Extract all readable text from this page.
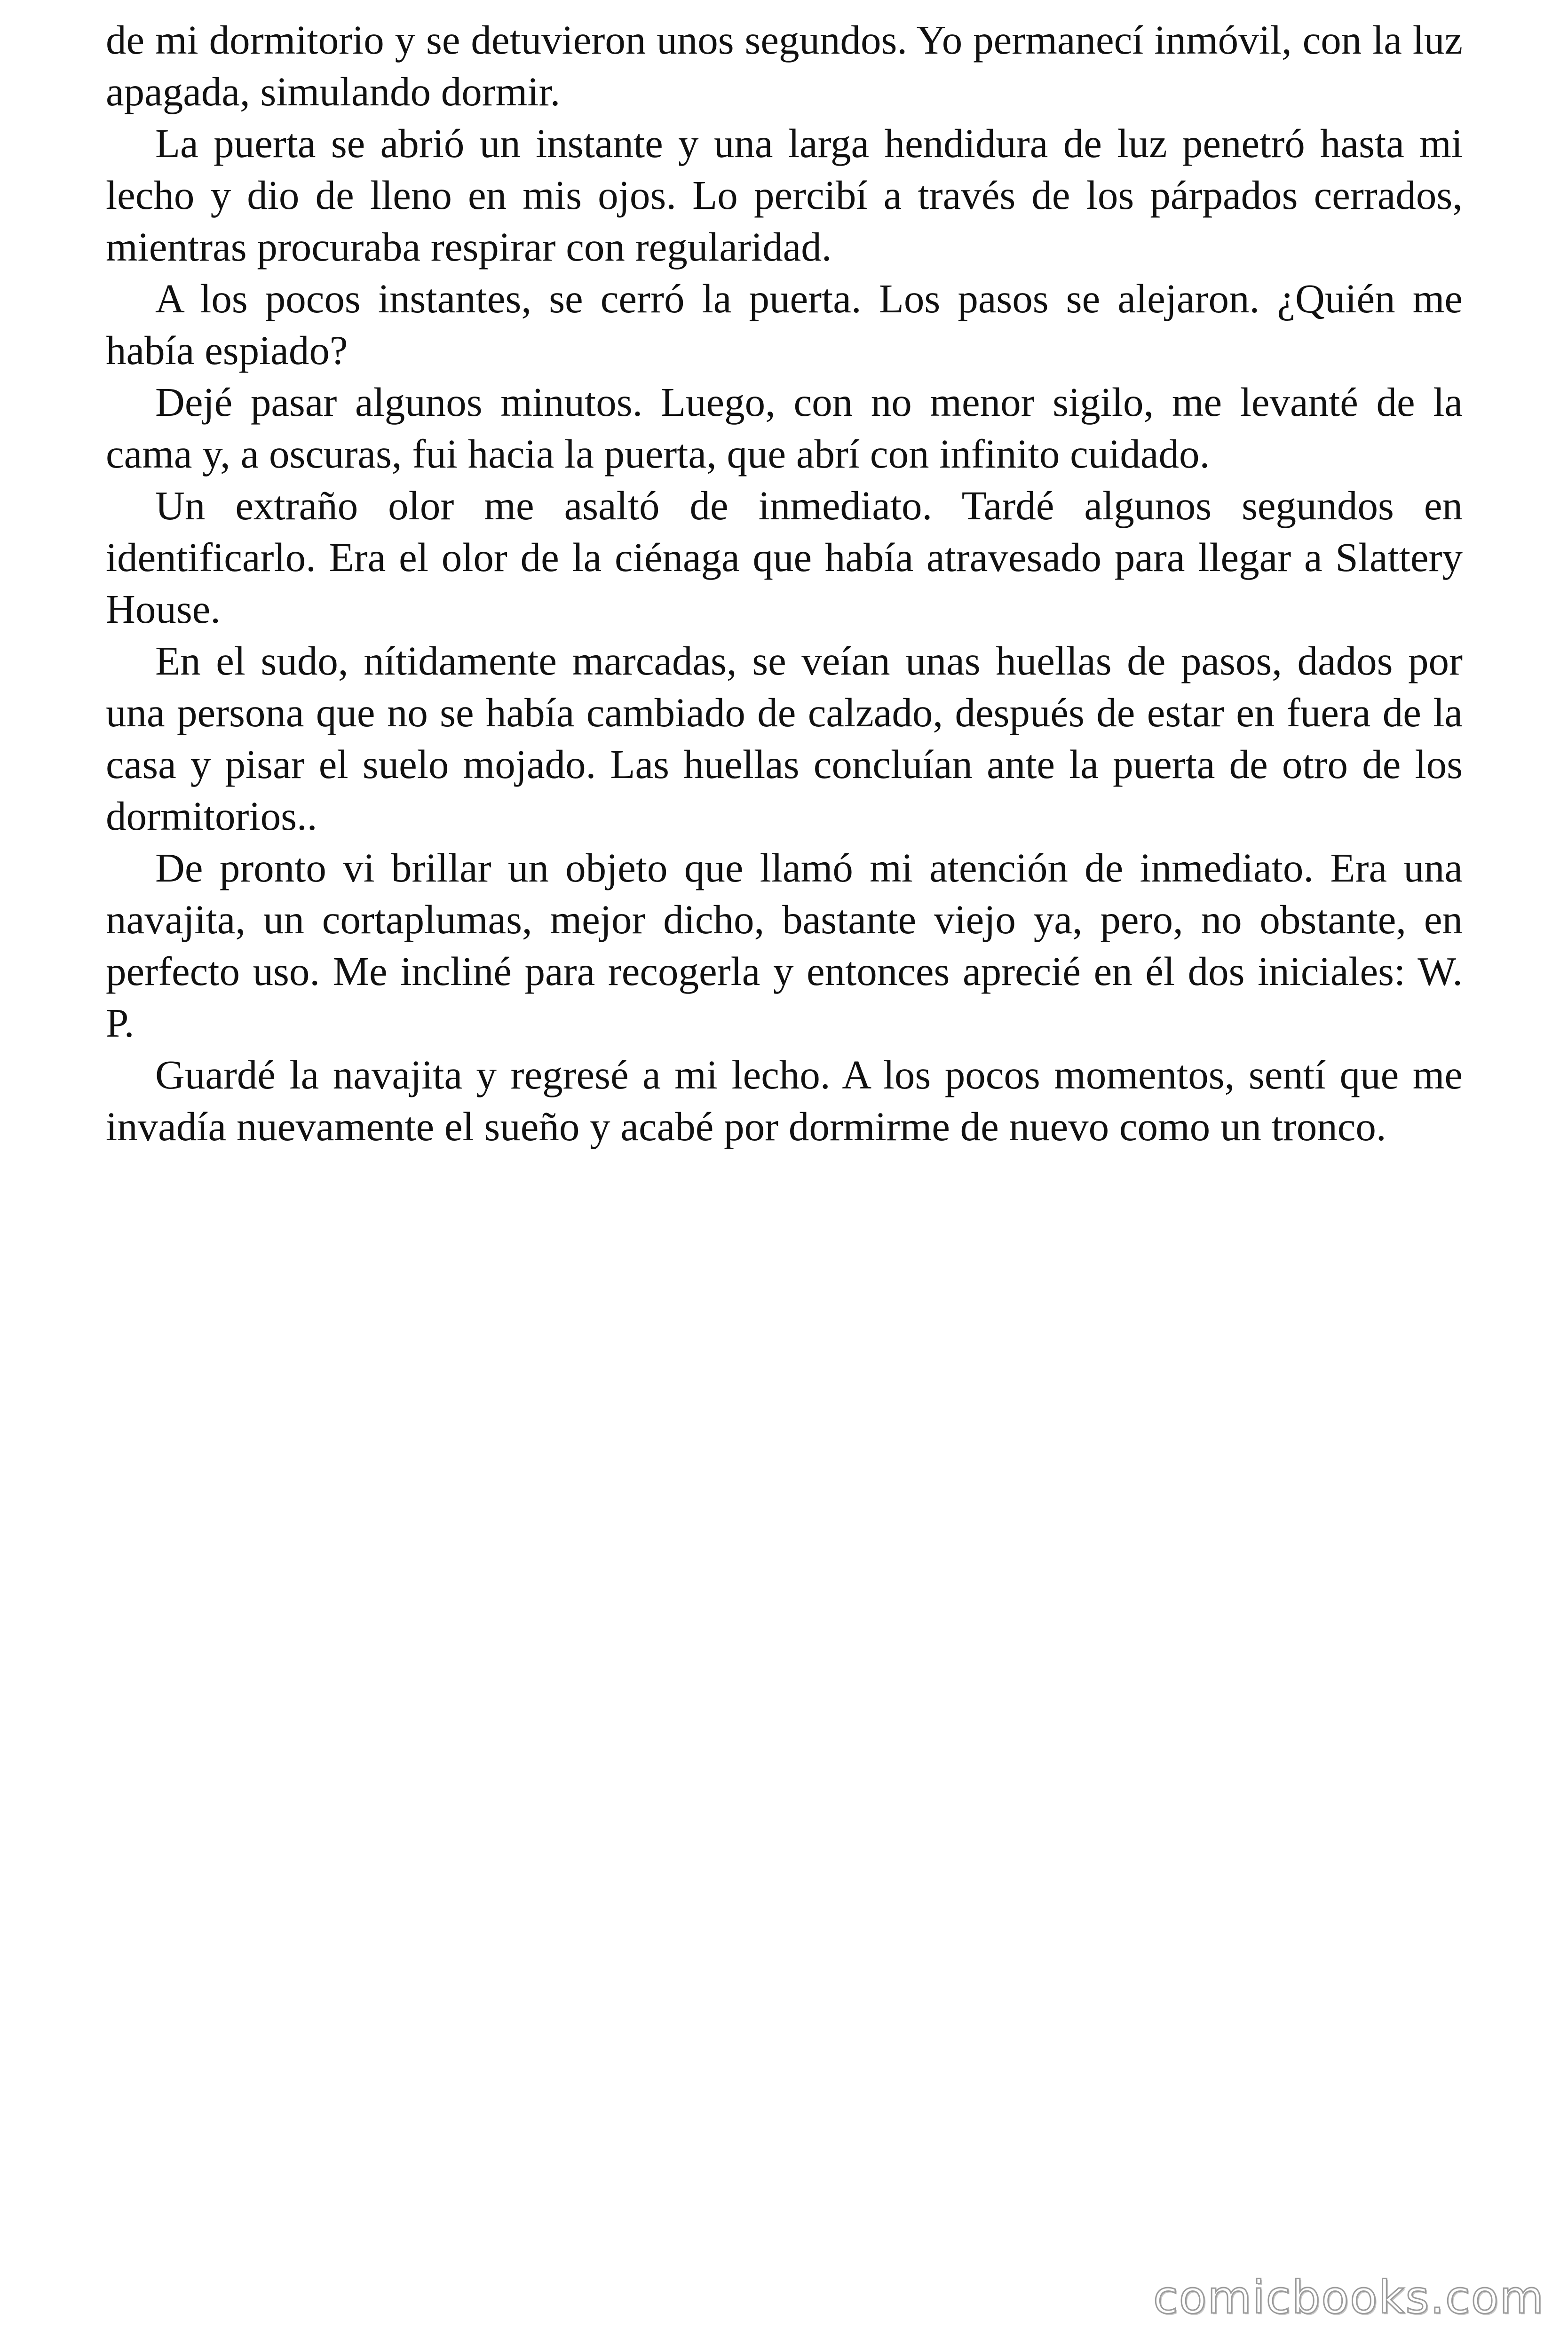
de mi dormitorio y se detuvieron unos segundos. Yo permanecí inmóvil, con la luz apagada, simulando dormir.

La puerta se abrió un instante y una larga hendidura de luz penetró hasta mi lecho y dio de lleno en mis ojos. Lo percibí a través de los párpados cerrados, mientras procuraba respirar con regularidad.

A los pocos instantes, se cerró la puerta. Los pasos se alejaron. ¿Quién me había espiado?

Dejé pasar algunos minutos. Luego, con no menor sigilo, me levanté de la cama y, a oscuras, fui hacia la puerta, que abrí con infinito cuidado.

Un extraño olor me asaltó de inmediato. Tardé algunos segundos en identificarlo. Era el olor de la ciénaga que había atravesado para llegar a Slattery House.

En el sudo, nítidamente marcadas, se veían unas huellas de pasos, dados por una persona que no se había cambiado de calzado, después de estar en fuera de la casa y pisar el suelo mojado. Las huellas concluían ante la puerta de otro de los dormitorios..

De pronto vi brillar un objeto que llamó mi atención de inmediato. Era una navajita, un cortaplumas, mejor dicho, bastante viejo ya, pero, no obstante, en perfecto uso. Me incliné para recogerla y entonces aprecié en él dos iniciales: W. P.

Guardé la navajita y regresé a mi lecho. A los pocos momentos, sentí que me invadía nuevamente el sueño y acabé por dormirme de nuevo como un tronco.

comicbooks.com
